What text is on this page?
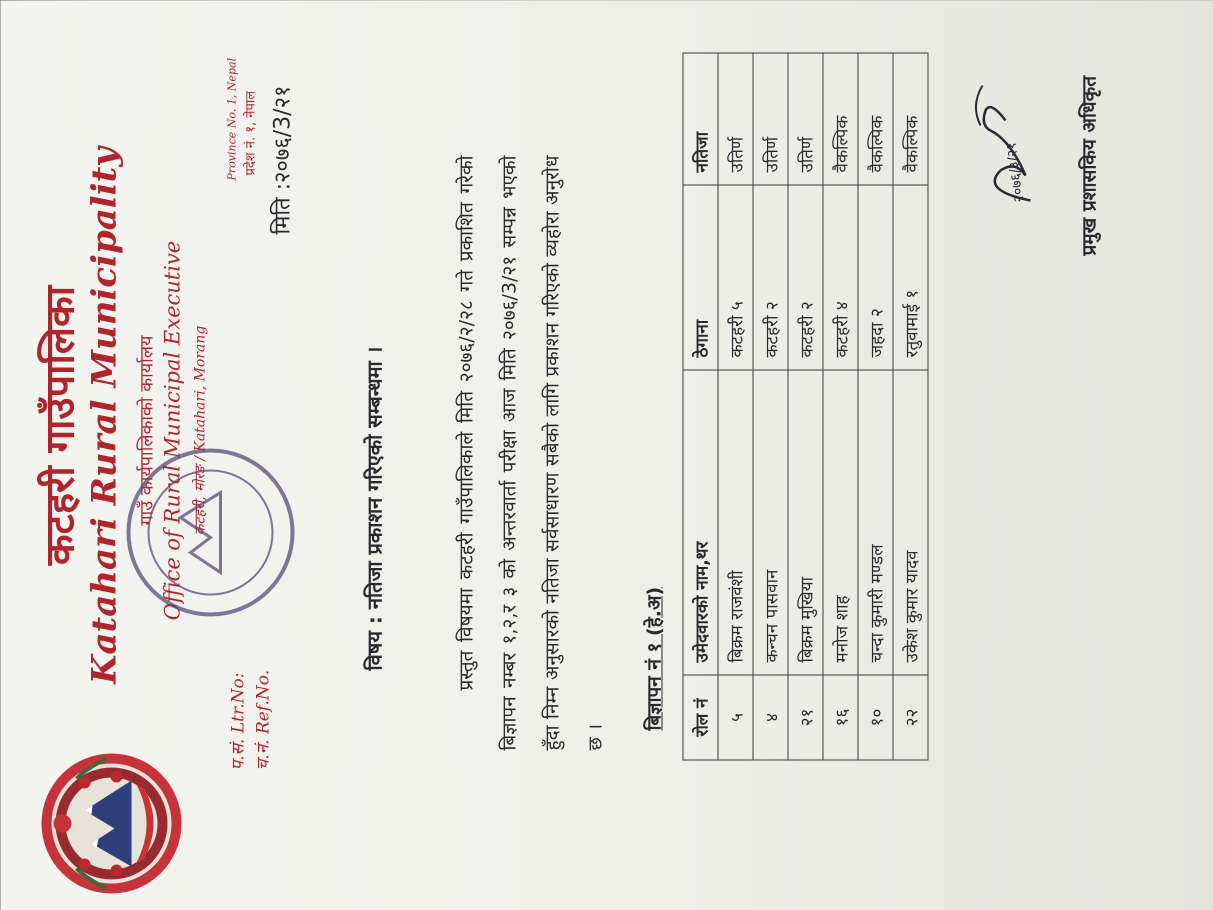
कटहरी गाउँपालिका Katahari Rural Municipality गाउँ कार्यपालिकाको कार्यालय Office of Rural Municipal Executive कटहरी, मोरङ / Katahari, Morang
प.सं. Ltr.No: च.नं. Ref.No.
Province No. 1, Nepal प्रदेश नं. १, नेपाल मिति :२०७६/3/२१
विषय : नतिजा प्रकाशन गरिएको सम्बन्धमा ।	प्रस्तुत विषयमा कटहरी गाउँपालिकाले मिति २०७६/२/२८ गते प्रकाशित गरेको बिज्ञापन नम्बर १,२,र ३ को अन्तरवार्ता परीक्षा आज मिति २०७६/3/२१ सम्पन्न भएको हुँदा निम्न अनुसारको नतिजा सर्वसाधारण सबैको लागि प्रकाशन गरिएको व्यहोरा अनुरोध छ ।
बिज्ञापन नं १ (हे.अ) रोल नं	उमेदवारको नाम,थर	ठेगाना	नतिजा
५	बिक्रम राजवंशी	कटहरी ५	उतिर्ण
४	कन्चन पासवान	कटहरी २	उतिर्ण
२१	बिक्रम मुखिया	कटहरी २	उतिर्ण
१६	मनोज शाह	कटहरी ४	वैकल्पिक
१०	चन्दा कुमारी मण्डल	जहदा २	वैकल्पिक
२२	उकेश कुमार यादव	रतुवामाई १	वैकल्पिक	२०७६/३/२१	प्रमुख प्रशासकिय अधिकृत
